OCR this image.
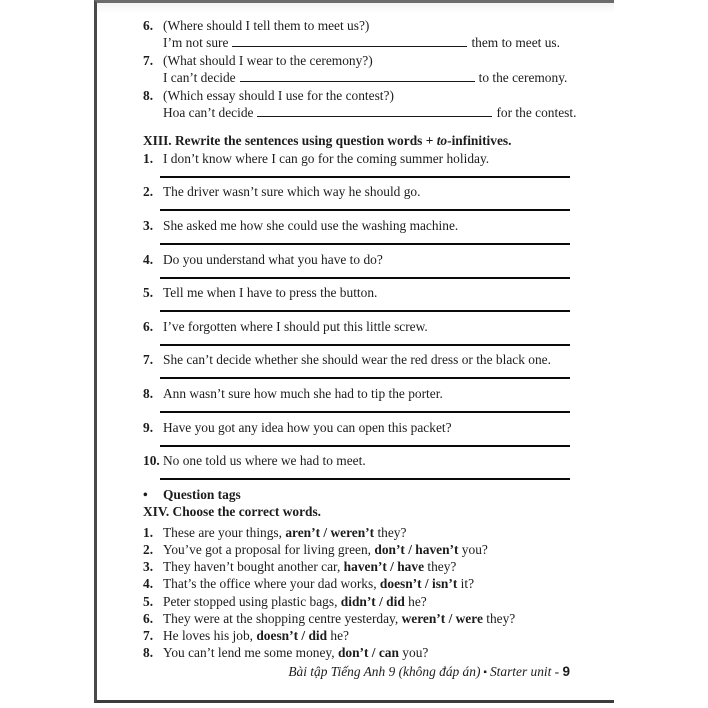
6. (Where should I tell them to meet us?)
I’m not sure	them to meet us.
7. (What should I wear to the ceremony?)
I can’t decide	to the ceremony.
8. (Which essay should I use for the contest?)
Hoa can’t decide	for the contest.
XIII. Rewrite the sentences using question words + to-infinitives.
1. I don’t know where I can go for the coming summer holiday.
2. The driver wasn’t sure which way he should go.
3. She asked me how she could use the washing machine.
4. Do you understand what you have to do?
5. Tell me when I have to press the button.
6. I’ve forgotten where I should put this little screw.
7. She can’t decide whether she should wear the red dress or the black one.
8. Ann wasn’t sure how much she had to tip the porter.
9. Have you got any idea how you can open this packet?
10. No one told us where we had to meet.
•	Question tags
XIV. Choose the correct words.
1. These are your things, aren’t / weren’t they?
2. You’ve got a proposal for living green, don’t / haven’t you?
3. They haven’t bought another car, haven’t / have they?
4. That’s the office where your dad works, doesn’t / isn’t it?
5. Peter stopped using plastic bags, didn’t / did he?
6. They were at the shopping centre yesterday, weren’t / were they?
7. He loves his job, doesn’t / did he?
8. You can’t lend me some money, don’t / can you?
Bài tập Tiếng Anh 9 (không đáp án) ▪ Starter unit - 9
